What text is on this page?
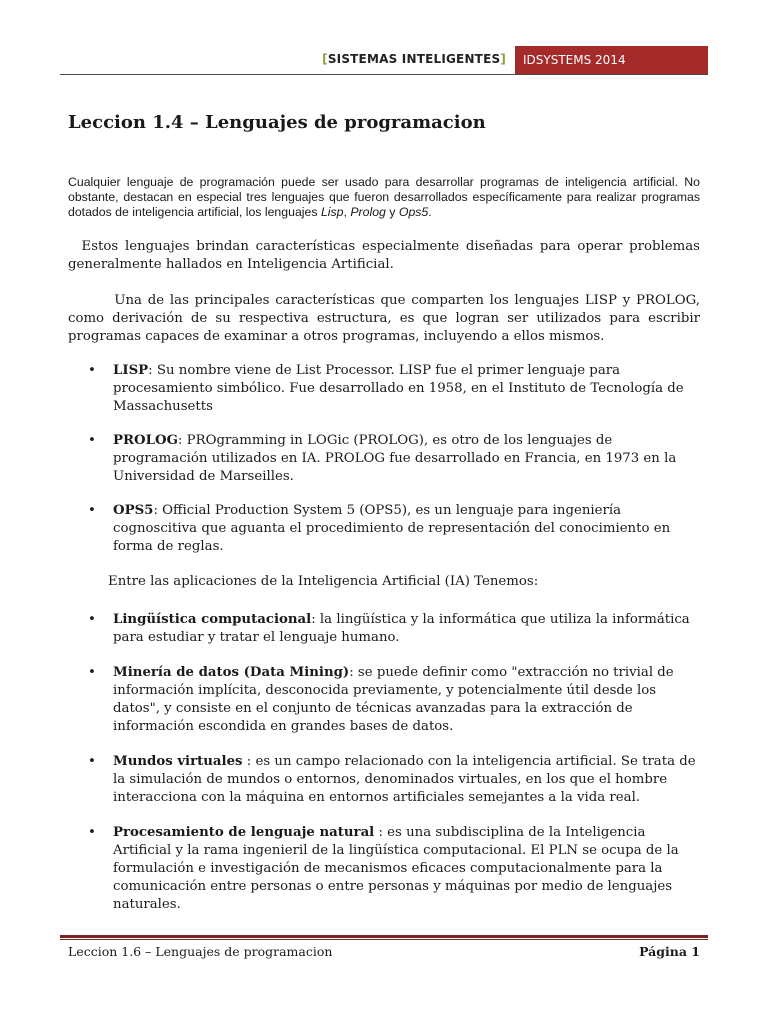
[SISTEMAS INTELIGENTES]	IDSYSTEMS 2014
Leccion 1.4 – Lenguajes de programacion

Cualquier lenguaje de programación puede ser usado para desarrollar programas de inteligencia artificial. No obstante, destacan en especial tres lenguajes que fueron desarrollados específicamente para realizar programas dotados de inteligencia artificial, los lenguajes Lisp, Prolog y Ops5.

Estos lenguajes brindan características especialmente diseñadas para operar problemas generalmente hallados en Inteligencia Artificial.

Una de las principales características que comparten los lenguajes LISP y PROLOG, como derivación de su respectiva estructura, es que logran ser utilizados para escribir programas capaces de examinar a otros programas, incluyendo a ellos mismos.

• LISP: Su nombre viene de List Processor. LISP fue el primer lenguaje para procesamiento simbólico. Fue desarrollado en 1958, en el Instituto de Tecnología de Massachusetts
• PROLOG: PROgramming in LOGic (PROLOG), es otro de los lenguajes de programación utilizados en IA. PROLOG fue desarrollado en Francia, en 1973 en la Universidad de Marseilles.
• OPS5: Official Production System 5 (OPS5), es un lenguaje para ingeniería cognoscitiva que aguanta el procedimiento de representación del conocimiento en forma de reglas.

Entre las aplicaciones de la Inteligencia Artificial (IA) Tenemos:

• Lingüística computacional: la lingüística y la informática que utiliza la informática para estudiar y tratar el lenguaje humano.
• Minería de datos (Data Mining): se puede definir como "extracción no trivial de información implícita, desconocida previamente, y potencialmente útil desde los datos", y consiste en el conjunto de técnicas avanzadas para la extracción de información escondida en grandes bases de datos.
• Mundos virtuales : es un campo relacionado con la inteligencia artificial. Se trata de la simulación de mundos o entornos, denominados virtuales, en los que el hombre interacciona con la máquina en entornos artificiales semejantes a la vida real.
• Procesamiento de lenguaje natural : es una subdisciplina de la Inteligencia Artificial y la rama ingenieril de la lingüística computacional. El PLN se ocupa de la formulación e investigación de mecanismos eficaces computacionalmente para la comunicación entre personas o entre personas y máquinas por medio de lenguajes naturales.
Leccion 1.6 – Lenguajes de programacion	Página 1
